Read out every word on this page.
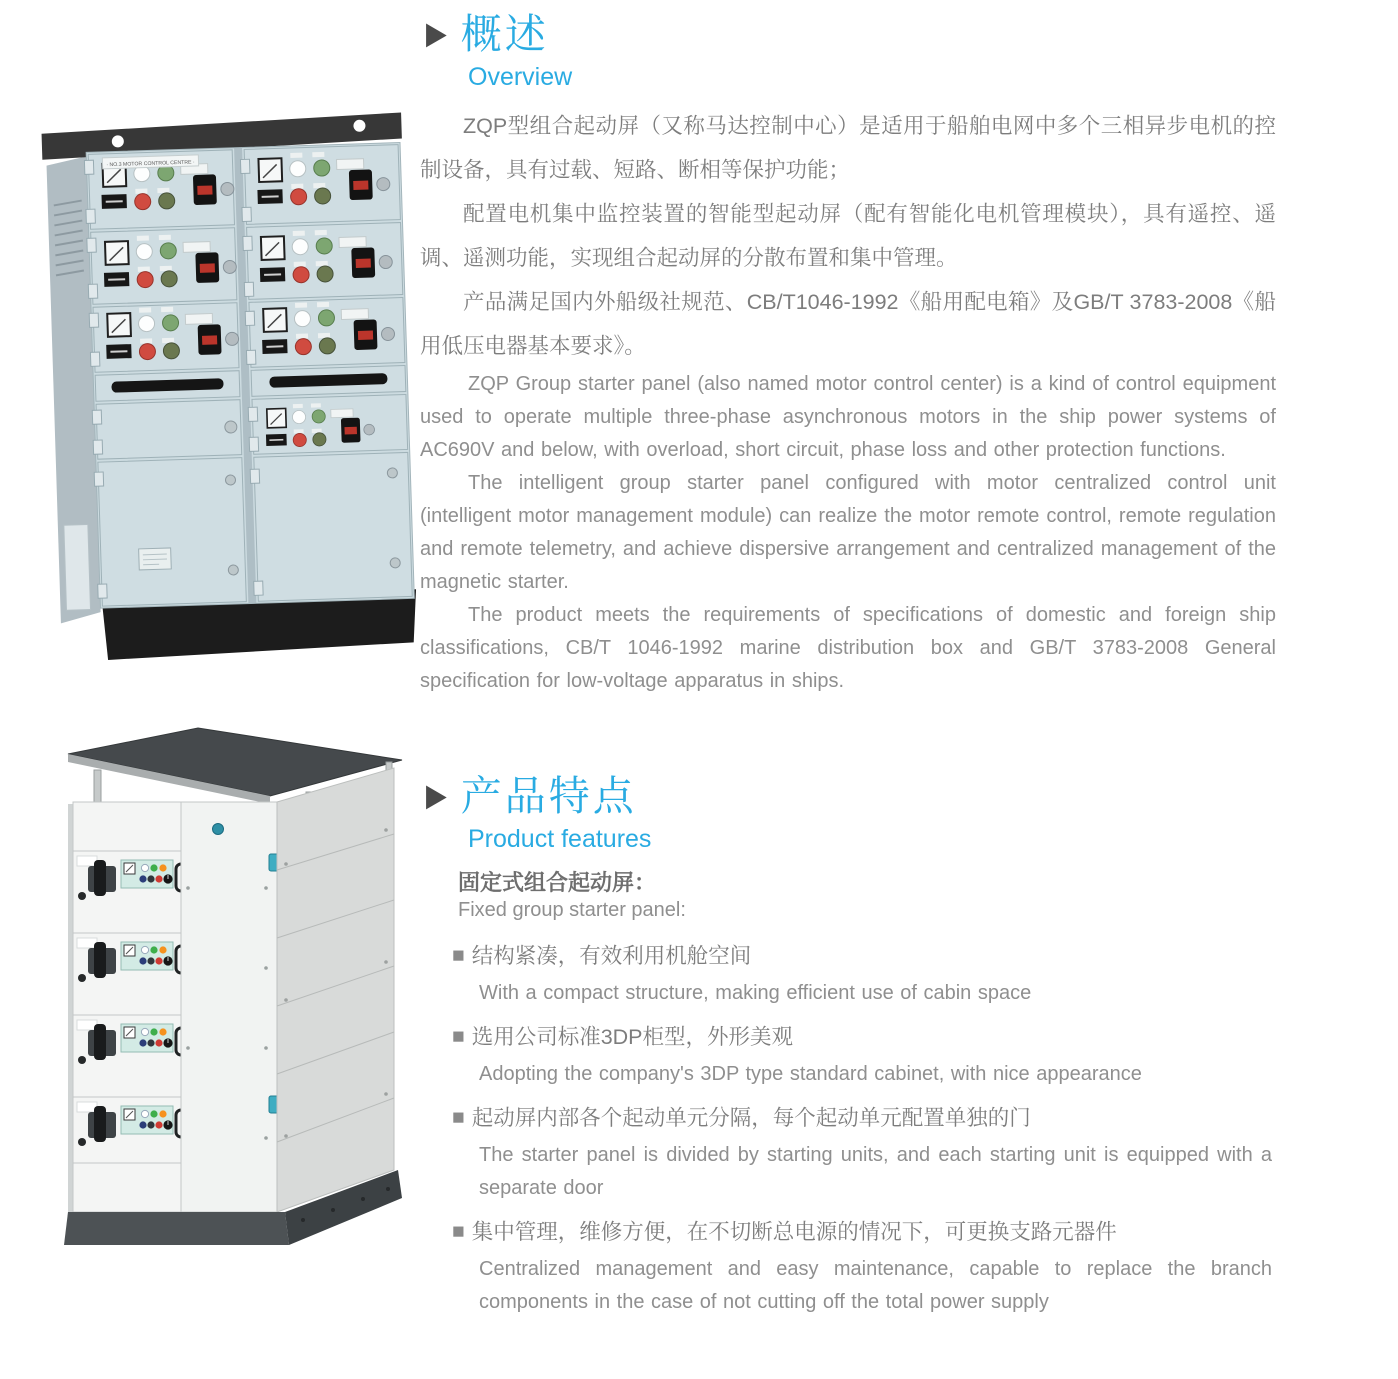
· NO.3 MOTOR CONTROL CENTRE ·
▶ 概述
Overview

ZQP型组合起动屏（又称马达控制中心）是适用于船舶电网中多个三相异步电机的控制设备，具有过载、短路、断相等保护功能；

配置电机集中监控装置的智能型起动屏（配有智能化电机管理模块），具有遥控、遥调、遥测功能，实现组合起动屏的分散布置和集中管理。

产品满足国内外船级社规范、CB/T1046-1992《船用配电箱》及GB/T 3783-2008《船用低压电器基本要求》。

ZQP Group starter panel (also named motor control center) is a kind of control equipment used to operate multiple three-phase asynchronous motors in the ship power systems of AC690V and below, with overload, short circuit, phase loss and other protection functions.

The intelligent group starter panel configured with motor centralized control unit (intelligent motor management module) can realize the motor remote control, remote regulation and remote telemetry, and achieve dispersive arrangement and centralized management of the magnetic starter.

The product meets the requirements of specifications of domestic and foreign ship classifications, CB/T 1046-1992 marine distribution box and GB/T 3783-2008 General specification for low-voltage apparatus in ships.

▶ 产品特点
Product features
固定式组合起动屏：
Fixed group starter panel:
■ 结构紧凑，有效利用机舱空间
With a compact structure, making efficient use of cabin space
■ 选用公司标准3DP柜型，外形美观
Adopting the company's 3DP type standard cabinet, with nice appearance
■ 起动屏内部各个起动单元分隔，每个起动单元配置单独的门
The starter panel is divided by starting units, and each starting unit is equipped with a separate door
■ 集中管理，维修方便，在不切断总电源的情况下，可更换支路元器件
Centralized management and easy maintenance, capable to replace the branch components in the case of not cutting off the total power supply
